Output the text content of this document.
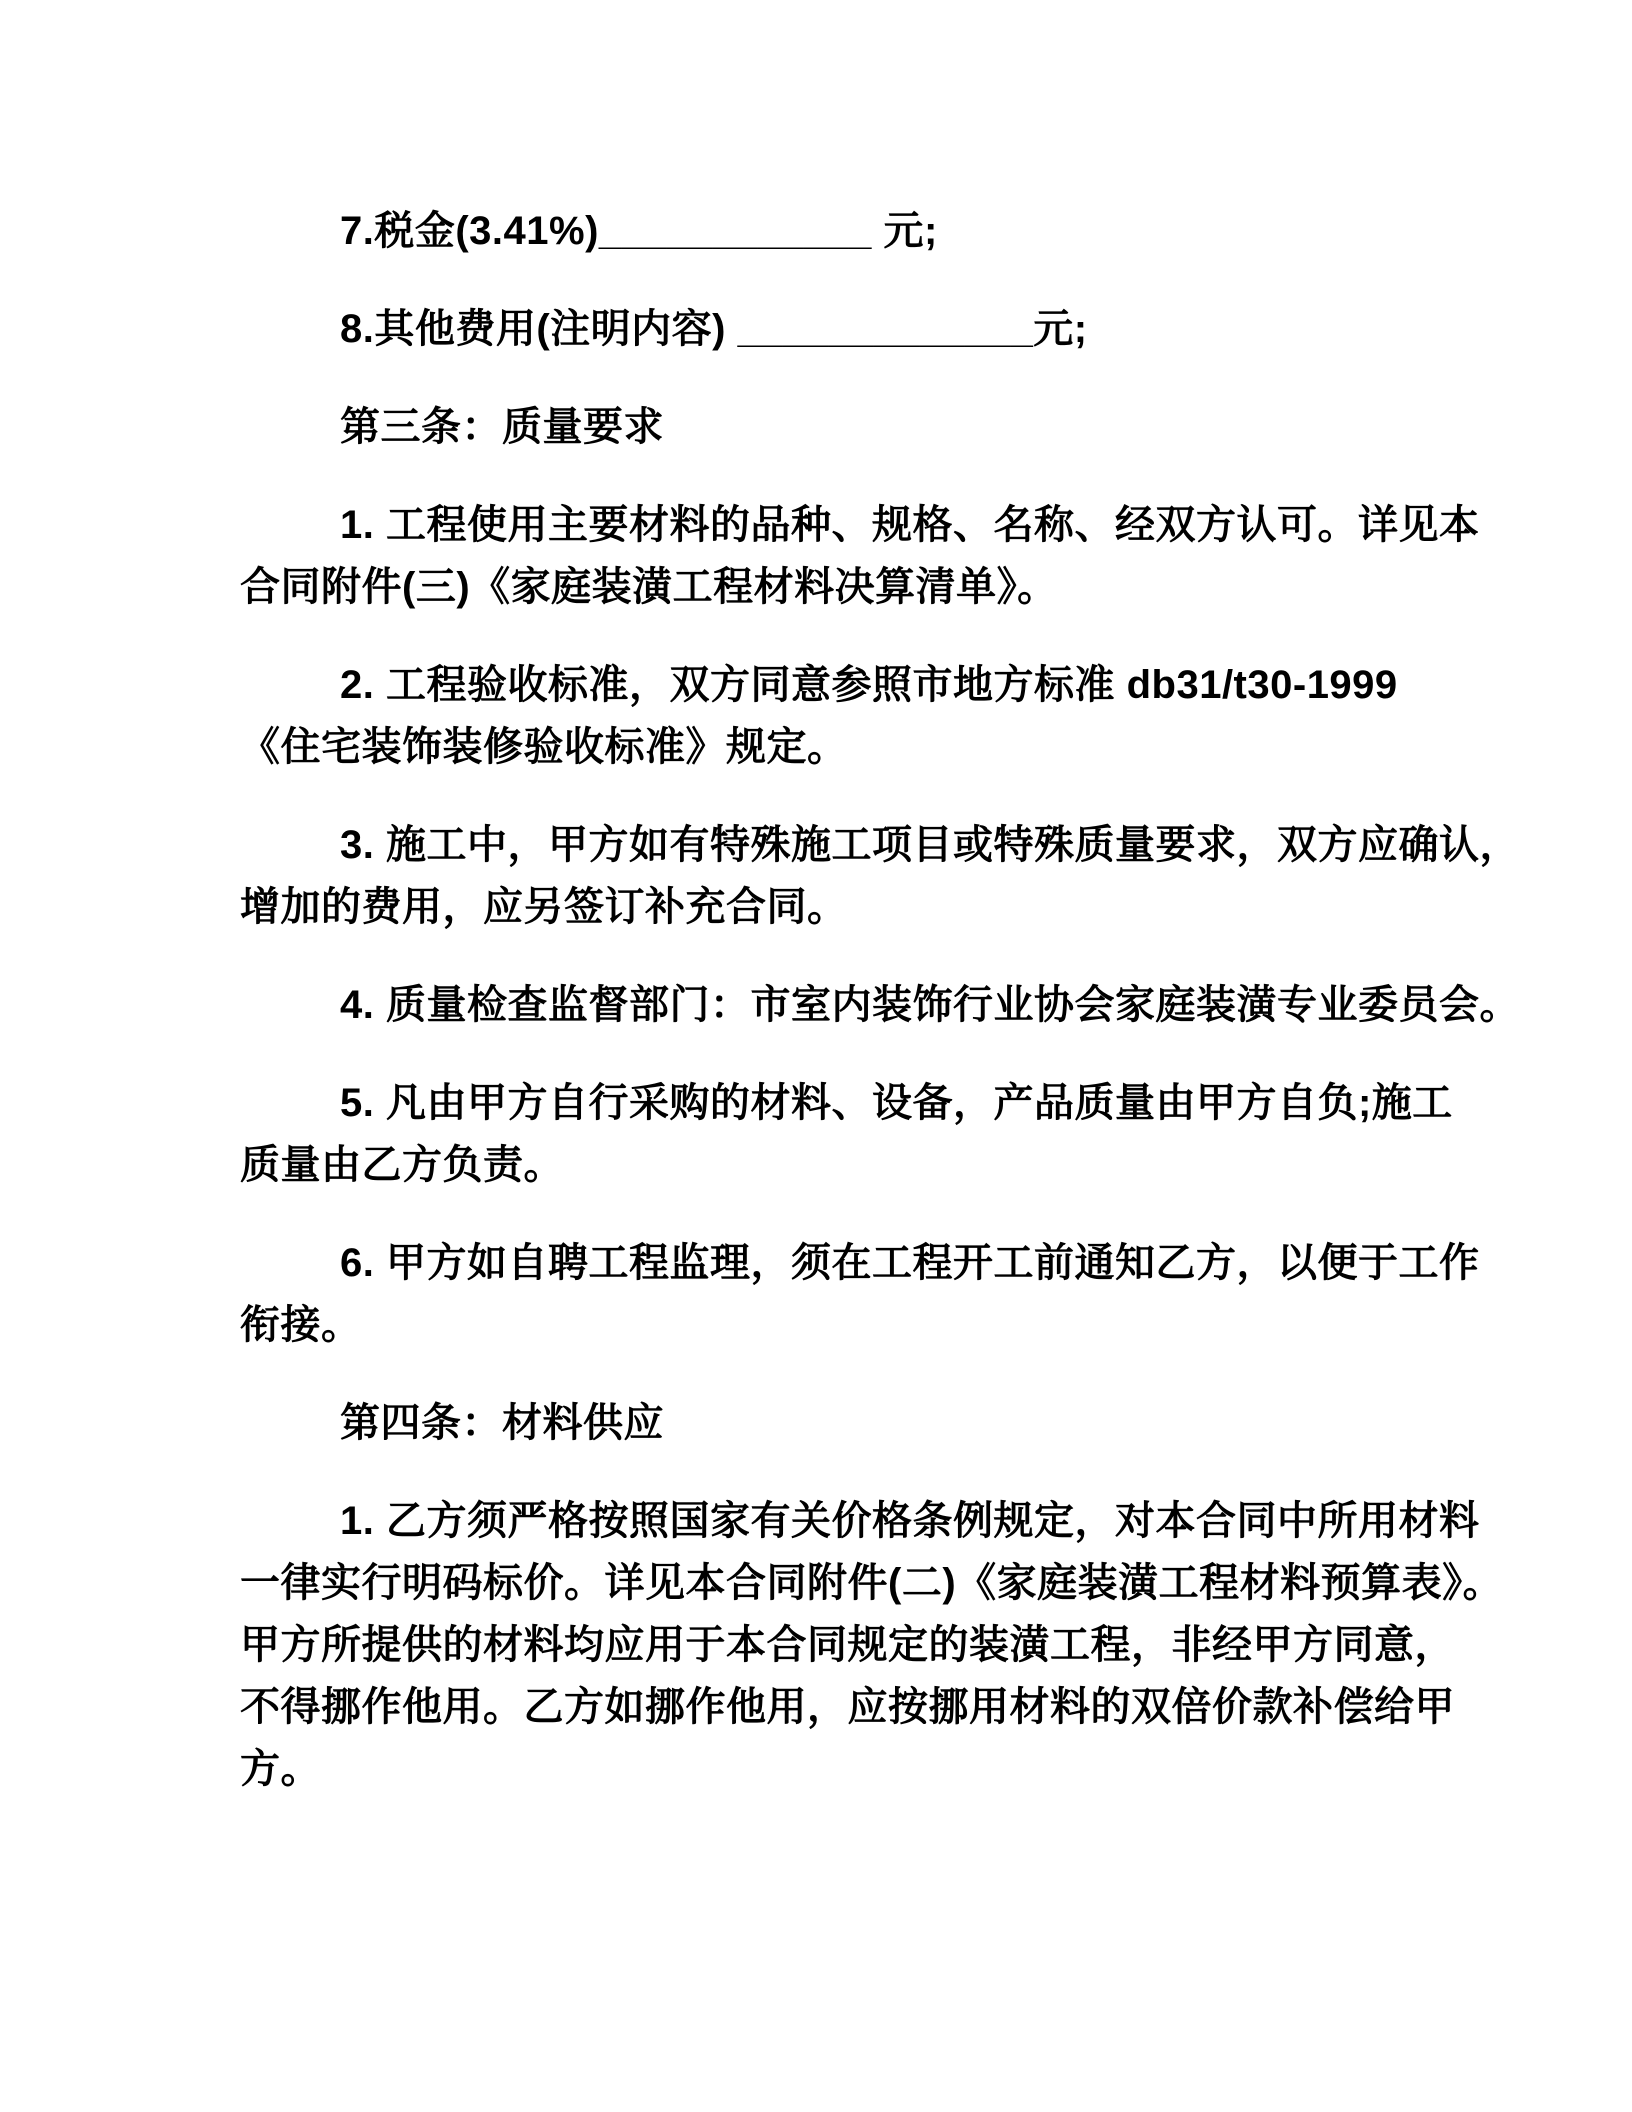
7.税金(3.41%)____________ 元;
8.其他费用(注明内容) _____________元;
第三条：质量要求
1. 工程使用主要材料的品种、规格、名称、经双方认可。详见本
合同附件(三)《家庭装潢工程材料决算清单》。
2. 工程验收标准，双方同意参照市地方标准 db31/t30-1999
《住宅装饰装修验收标准》规定。
3. 施工中，甲方如有特殊施工项目或特殊质量要求，双方应确认，
增加的费用，应另签订补充合同。
4. 质量检查监督部门：市室内装饰行业协会家庭装潢专业委员会。
5. 凡由甲方自行采购的材料、设备，产品质量由甲方自负;施工
质量由乙方负责。
6. 甲方如自聘工程监理，须在工程开工前通知乙方，以便于工作
衔接。
第四条：材料供应
1. 乙方须严格按照国家有关价格条例规定，对本合同中所用材料
一律实行明码标价。详见本合同附件(二)《家庭装潢工程材料预算表》。
甲方所提供的材料均应用于本合同规定的装潢工程，非经甲方同意，
不得挪作他用。乙方如挪作他用，应按挪用材料的双倍价款补偿给甲
方。
